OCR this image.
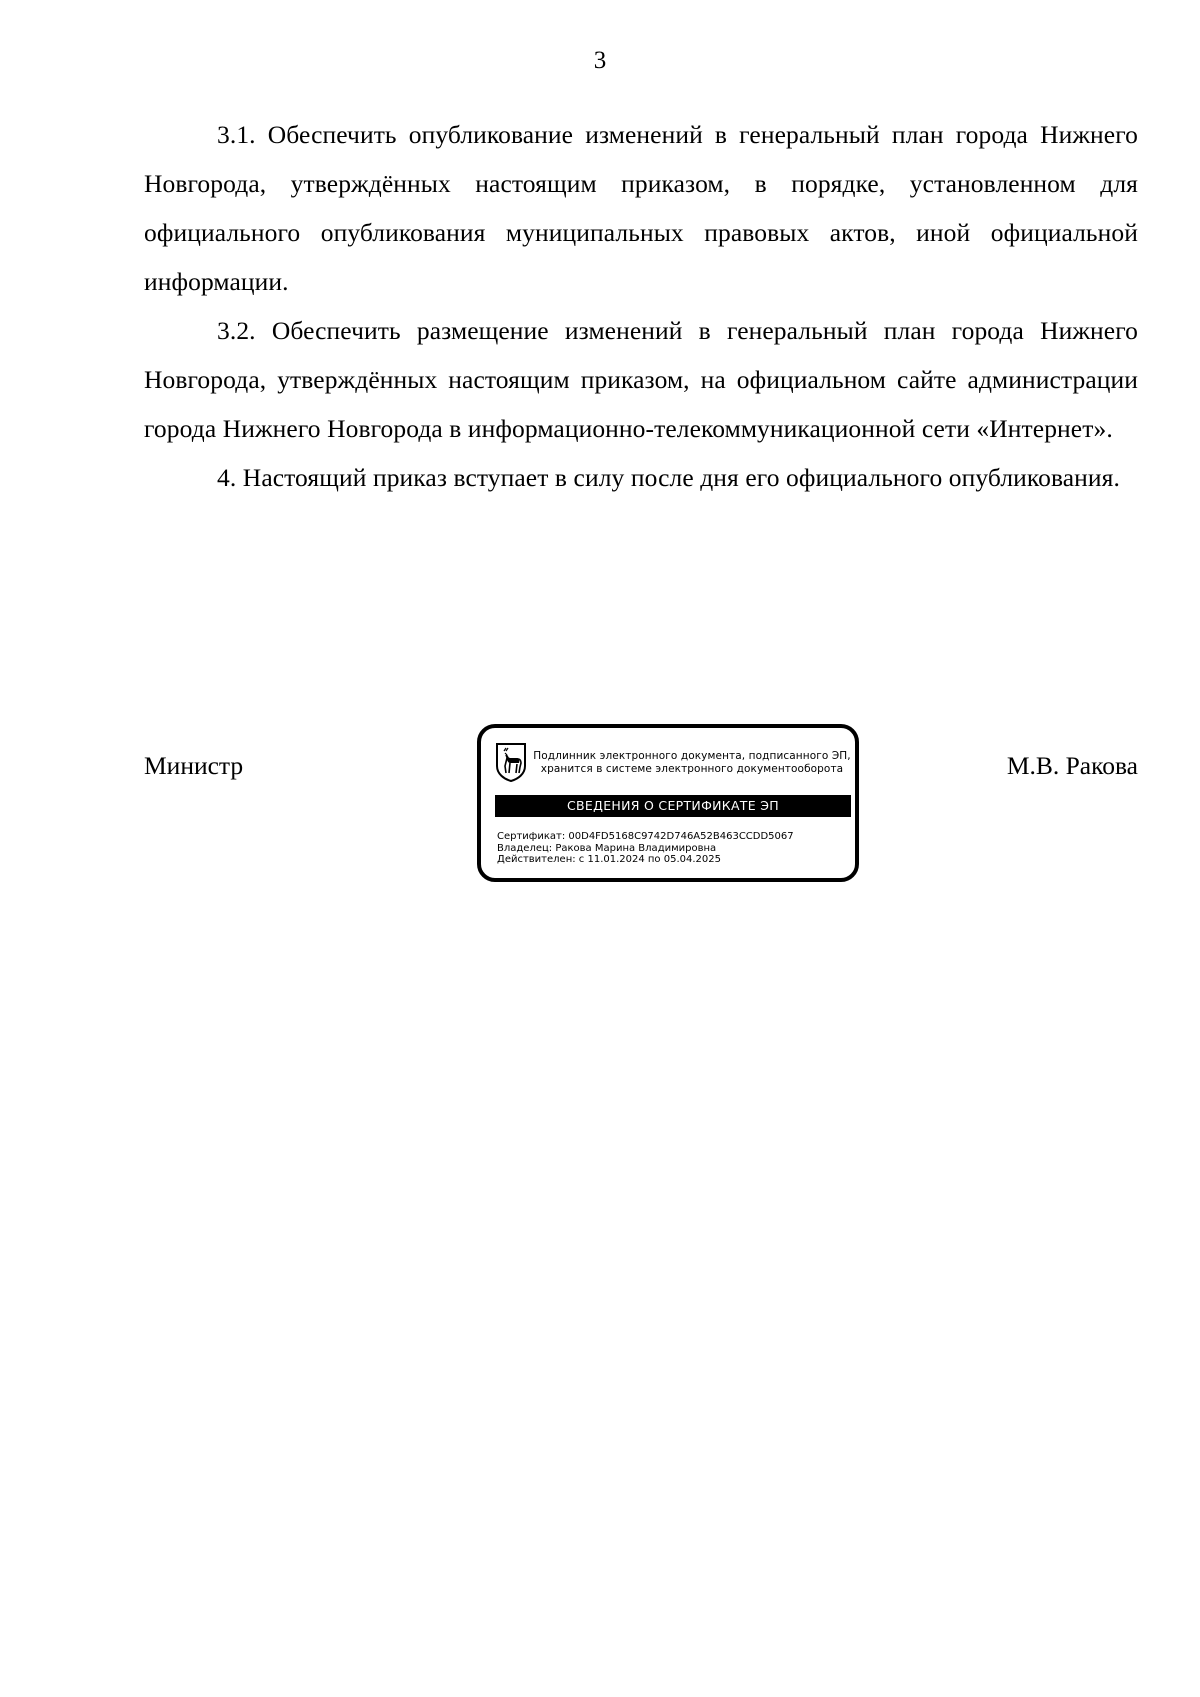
3

3.1. Обеспечить опубликование изменений в генеральный план города Нижнего Новгорода, утверждённых настоящим приказом, в порядке, установленном для официального опубликования муниципальных правовых актов, иной официальной информации.

3.2. Обеспечить размещение изменений в генеральный план города Нижнего Новгорода, утверждённых настоящим приказом, на официальном сайте администрации города Нижнего Новгорода в информационно-телекоммуникационной сети «Интернет».

4. Настоящий приказ вступает в силу после дня его официального опубликования.

Министр	М.В. Ракова
Подлинник электронного документа, подписанного ЭП,
хранится в системе электронного документооборота
СВЕДЕНИЯ О СЕРТИФИКАТЕ ЭП
Сертификат: 00D4FD5168C9742D746A52B463CCDD5067
Владелец: Ракова Марина Владимировна
Действителен: с 11.01.2024 по 05.04.2025
